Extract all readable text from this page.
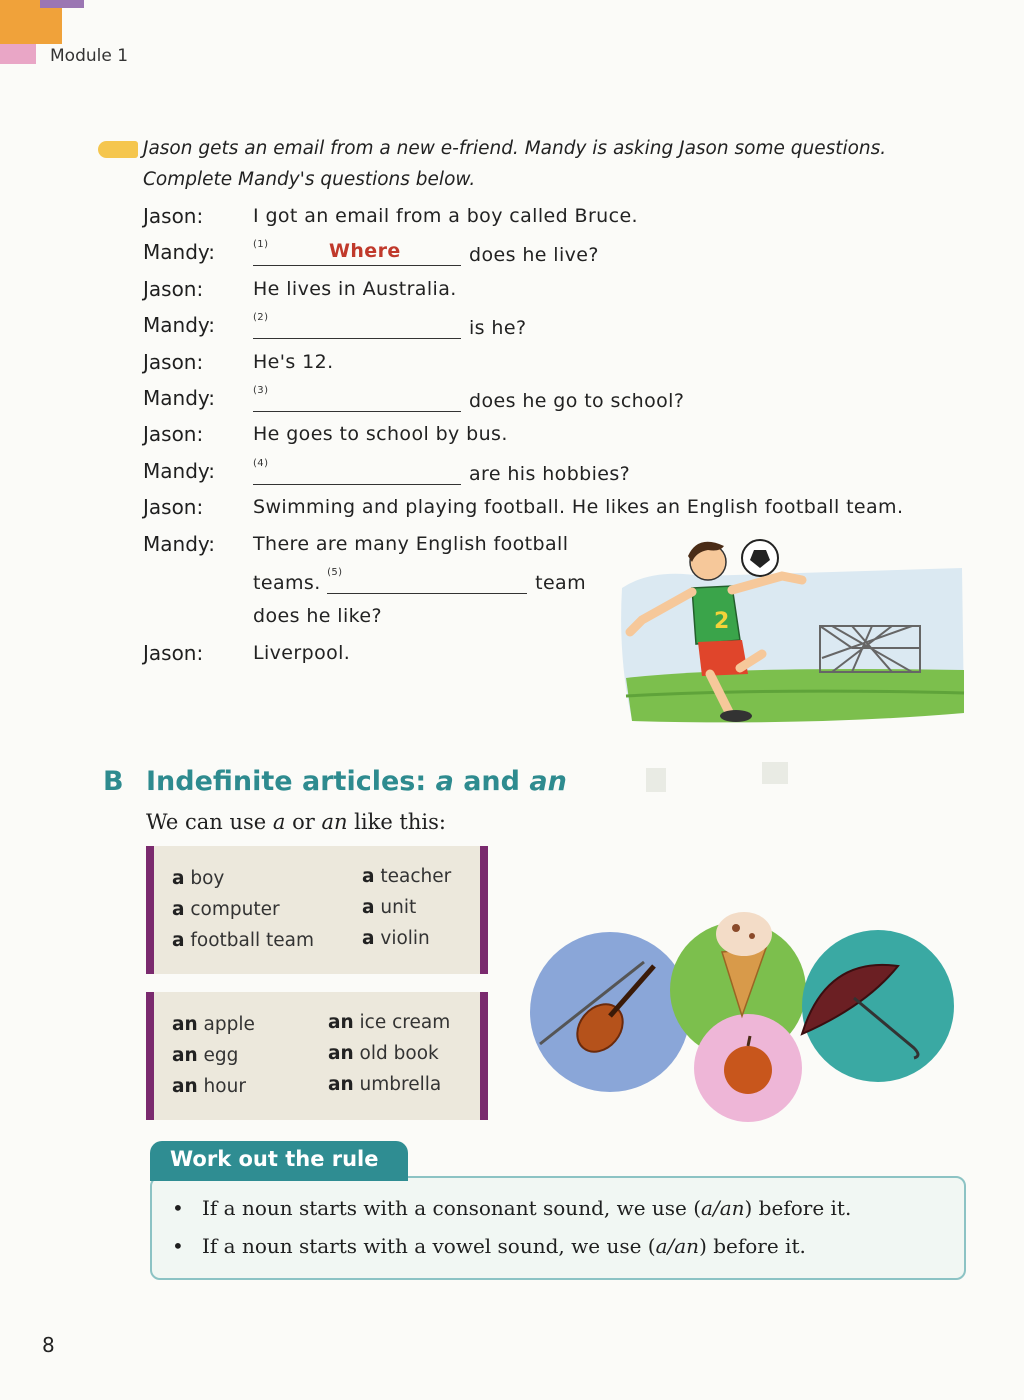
Module 1
Jason gets an email from a new e-friend. Mandy is asking Jason some questions.
Complete Mandy's questions below.
Jason:	I got an email from a boy called Bruce.
Mandy:	(1)	Where	does he live?
Jason:	He lives in Australia.
Mandy:	(2)	is he?
Jason:	He's 12.
Mandy:	(3)	does he go to school?
Jason:	He goes to school by bus.
Mandy:	(4)	are his hobbies?
Jason:	Swimming and playing football. He likes an English football team.
Mandy: There are many English football
teams. (5)	team
does he like?
Jason:	Liverpool.
2
B Indefinite articles: a and an
We can use a or an like this:
a boy	a teacher
a computer	a unit
a football team	a violin
an apple	an ice cream
an egg	an old book
an hour	an umbrella
Work out the rule
• If a noun starts with a consonant sound, we use (a/an) before it.
• If a noun starts with a vowel sound, we use (a/an) before it.
8
